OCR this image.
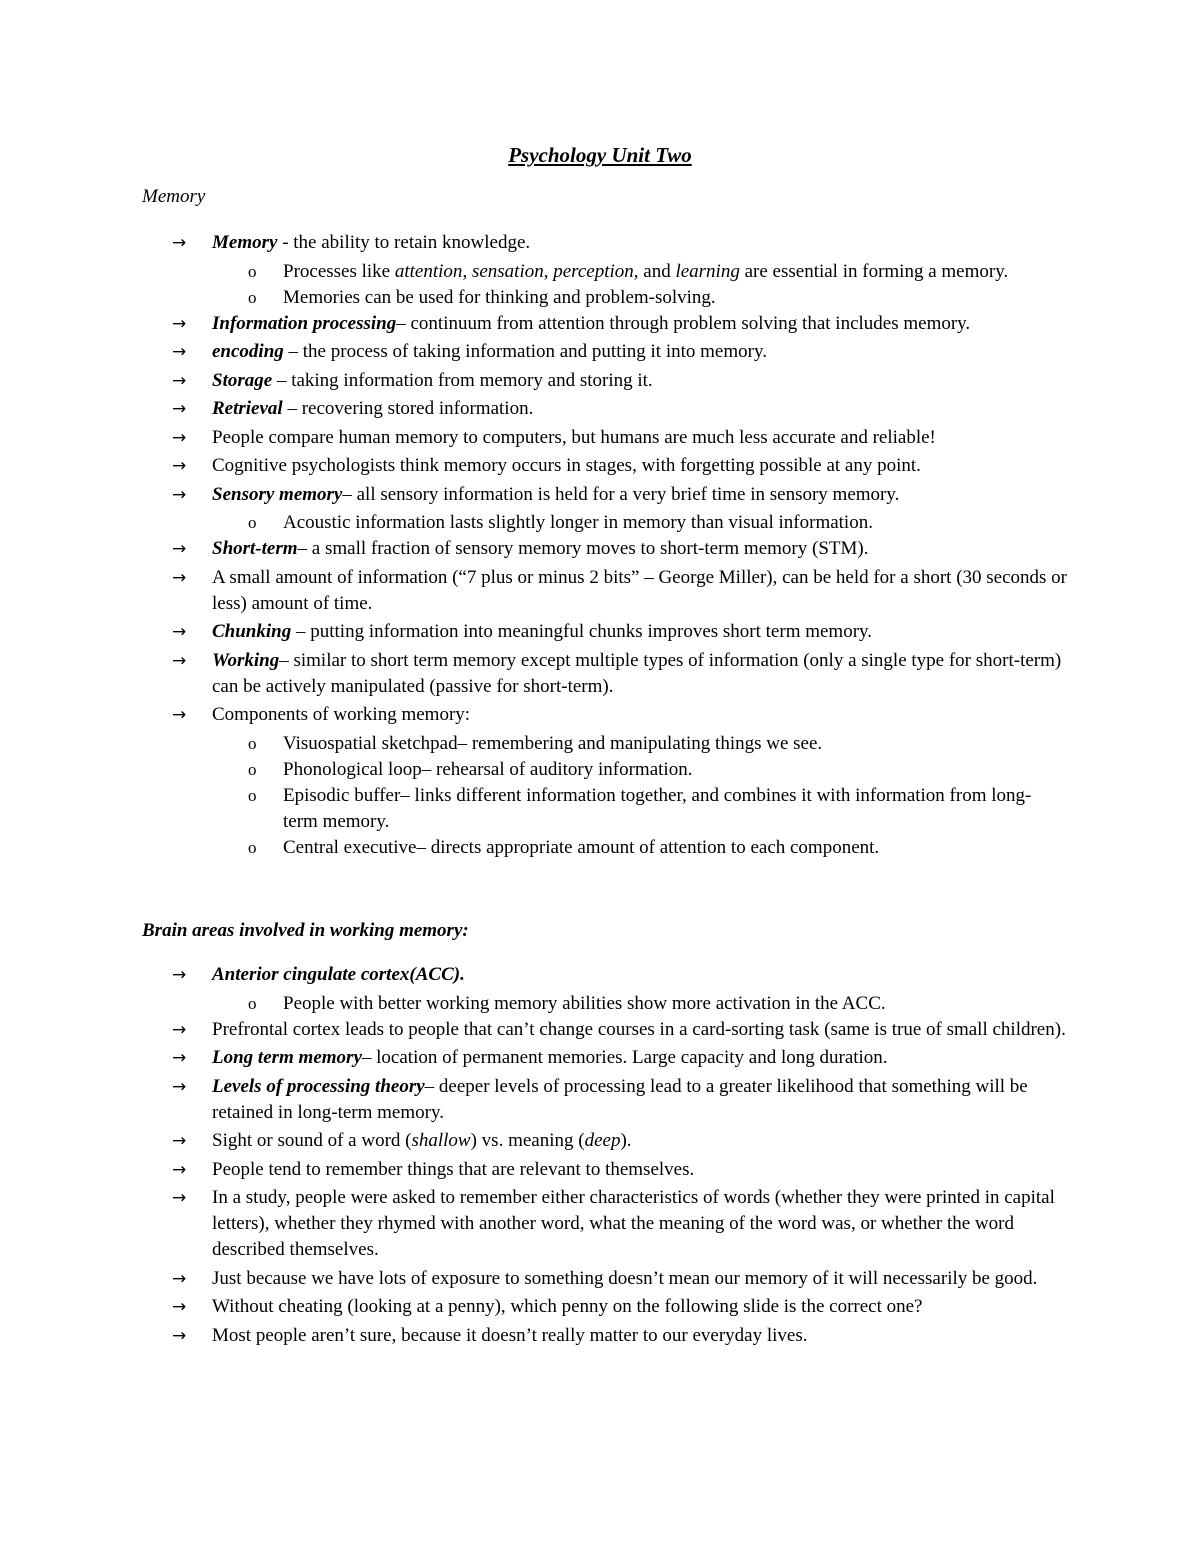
Psychology Unit Two
Memory
→ Memory - the ability to retain knowledge.
o Processes like attention, sensation, perception, and learning are essential in forming a memory.
o Memories can be used for thinking and problem-solving.
→ Information processing– continuum from attention through problem solving that includes memory.
→ encoding – the process of taking information and putting it into memory.
→ Storage – taking information from memory and storing it.
→ Retrieval – recovering stored information.
→ People compare human memory to computers, but humans are much less accurate and reliable!
→ Cognitive psychologists think memory occurs in stages, with forgetting possible at any point.
→ Sensory memory– all sensory information is held for a very brief time in sensory memory.
o Acoustic information lasts slightly longer in memory than visual information.
→ Short-term– a small fraction of sensory memory moves to short-term memory (STM).
→ A small amount of information (“7 plus or minus 2 bits” – George Miller), can be held for a short (30 seconds or less) amount of time.
→ Chunking – putting information into meaningful chunks improves short term memory.
→ Working– similar to short term memory except multiple types of information (only a single type for short-term) can be actively manipulated (passive for short-term).
→ Components of working memory:
o Visuospatial sketchpad– remembering and manipulating things we see.
o Phonological loop– rehearsal of auditory information.
o Episodic buffer– links different information together, and combines it with information from long-term memory.
o Central executive– directs appropriate amount of attention to each component.
Brain areas involved in working memory:
→ Anterior cingulate cortex(ACC).
o People with better working memory abilities show more activation in the ACC.
→ Prefrontal cortex leads to people that can’t change courses in a card-sorting task (same is true of small children).
→ Long term memory– location of permanent memories. Large capacity and long duration.
→ Levels of processing theory– deeper levels of processing lead to a greater likelihood that something will be retained in long-term memory.
→ Sight or sound of a word (shallow) vs. meaning (deep).
→ People tend to remember things that are relevant to themselves.
→ In a study, people were asked to remember either characteristics of words (whether they were printed in capital letters), whether they rhymed with another word, what the meaning of the word was, or whether the word described themselves.
→ Just because we have lots of exposure to something doesn’t mean our memory of it will necessarily be good.
→ Without cheating (looking at a penny), which penny on the following slide is the correct one?
→ Most people aren’t sure, because it doesn’t really matter to our everyday lives.
